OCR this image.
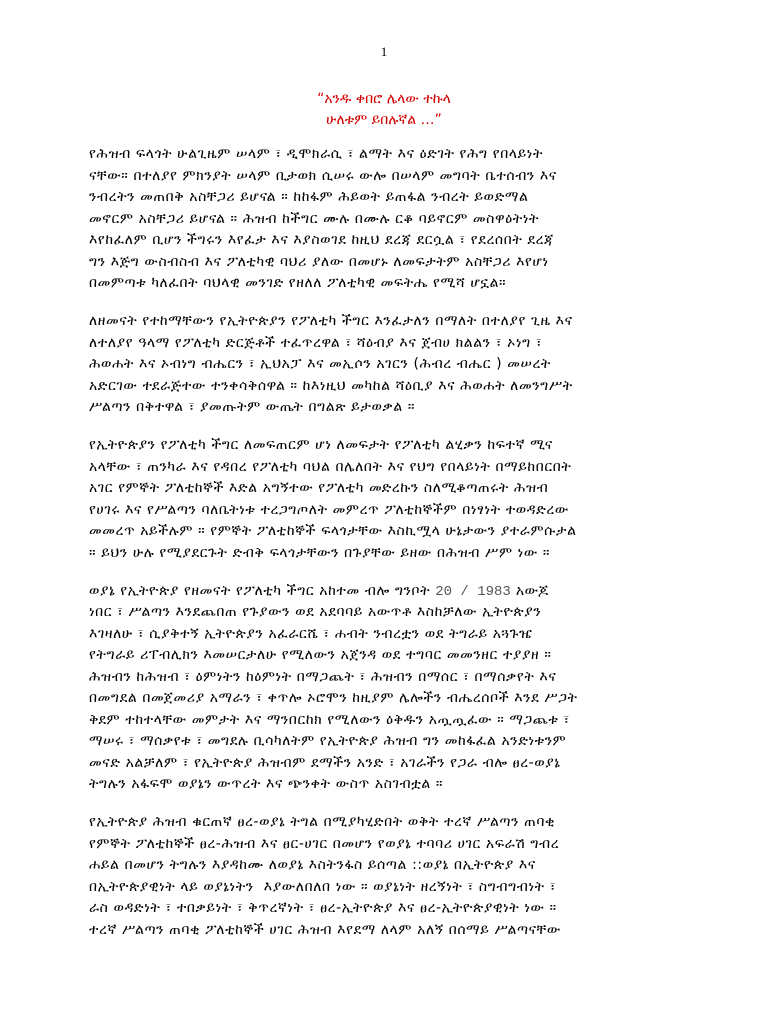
1
“አንዱ ቀበሮ ሌላው ተኩላ
ሁለቱም ይበሉኛል …”
የሕዝብ ፍላጎት ሁልጊዜም ሠላም ፣ ዲሞክራሲ ፣ ልማት እና ዕድገት የሕግ የበላይነት
ናቸው። በተለያየ ምክንያት ሠላም ቢታወክ ሲሠሩ ውሎ በሠላም መግባት ቤተሰብን እና
ንብረትን መጠበቅ አስቸጋሪ ይሆናል ። ከከፋም ሕይወት ይጠፋል ንብረት ይወድማል
መኖርም አስቸጋሪ ይሆናል ። ሕዝብ ከችግር ሙሉ በሙሉ ርቆ ባይኖርም መስዋዕትነት
እየከፈለም ቢሆን ችግሩን እየፈታ እና እያስወገደ ከዚህ ደረጃ ደርሷል ፣ የደረሰበት ደረጃ
ግን እጅግ ውስብስብ እና ፖለቲካዊ ባህሪ ያለው በመሆኑ ለመፍታትም አስቸጋሪ እየሆነ
በመምጣቱ ካለፈበት ባህላዊ መንገድ የዘለለ ፖለቲካዊ መፍትሔ የሚሻ ሆኗል።
ለዘመናት የተከማቸውን የኢትዮጵያን የፖለቲካ ችግር እንፈታለን በማለት በተለያየ ጊዜ እና
ለተለያየ ዓላማ የፖለቲካ ድርጅቶች ተፈጥረዋል ፣ ሻዕብያ እና ጀብሀ ክልልን ፣ ኦነግ ፣
ሕወሐት እና ኦብነግ ብሔርን ፣ ኢህአፓ እና መኢሶን አገርን (ሕብረ ብሔር ) መሠረት
አድርገው ተደራጅተው ተንቀሳቅሰዋል ። ከእነዚህ መካከል ሻዕቢያ እና ሕወሐት ለመንግሥት
ሥልጣን በቅተዋል ፣ ያመጡትም ውጤት በግልጽ ይታወቃል ።
የኢትዮጵያን የፖለቲካ ችግር ለመፍጠርም ሆነ ለመፍታት የፖለቲካ ልሂቃን ከፍተኛ ሚና
አላቸው ፣ ጠንካራ እና የዳበረ የፖለቲካ ባህል በሌለበት እና የህግ የበላይነት በማይከበርበት
አገር የምኞት ፖለቲከኞች እድል አግኝተው የፖለቲካ መድረኩን ስለሚቆጣጠሩት ሕዝብ
የሀገሩ እና የሥልጣን ባለቤትነቱ ተረጋግጦለት መምረጥ ፖለቲከኞችም በነፃነት ተወዳድረው
መመረጥ አይችሉም ። የምኞት ፖለቲከኞች ፍላጎታቸው እስኪሟላ ሁኔታውን ያተራምሱታል
። ይህን ሁሉ የሚያደርጉት ድብቅ ፍላጎታቸውን በጉያቸው ይዘው በሕዝብ ሥም ነው ።
ወያኔ የኢትዮጵያ የዘመናት የፖለቲካ ችግር አከተመ ብሎ ግንቦት 20 / 1983 አውጆ
ነበር ፣ ሥልጣን እንደጨበጠ የጉያውን ወደ አደባባይ አውጥቶ እስከቻለው ኢትዮጵያን
እገዛለሁ ፣ ሲያቅተኝ ኢትዮጵያን አፈራርሼ ፣ ሐብት ንብረቷን ወደ ትግራይ አጓጉዤ
የትግራይ ሪፐብሊክን እመሠርታለሁ የሚለውን አጀንዳ ወደ ተግባር መመንዘር ተያያዘ ።
ሕዝብን ከሕዝብ ፣ ዕምነትን ከዕምነት በማጋጨት ፣ ሕዝብን በማሰር ፣ በማሰቃየት እና
በመግደል በመጀመሪያ አማራን ፣ ቀጥሎ ኦሮሞን ከዚያም ሌሎችን ብሔረሰቦች እንደ ሥጋት
ቅደም ተከተላቸው መምታት እና ማንበርከክ የሚለውን ዕቅዱን አጧጧፈው ። ማጋጨቱ ፣
ማሠሩ ፣ ማሰቃየቱ ፣ መግደሉ ቢሳካለትም የኢትዮጵያ ሕዝብ ግን መከፋፈል አንድነቱንም
መናድ አልቻለም ፣ የኢትዮጵያ ሕዝብም ደማችን አንድ ፣ አገራችን የጋራ ብሎ ፀረ-ወያኔ
ትግሉን አፋፍሞ ወያኔን ውጥረት እና ጭንቀት ውስጥ አስገብቷል ።
የኢትዮጵያ ሕዝብ ቁርጠኛ ፀረ-ወያኔ ትግል በሚያካሂድበት ወቅት ተረኛ ሥልጣን ጠባቂ
የምኞት ፖለቲከኞች ፀረ-ሕዝብ እና ፀር-ሀገር በመሆን የወያኔ ተባባሪ ሀገር አፍራሽ ግብረ
ሐይል በመሆን ትግሉን እያዳከሙ ለወያኔ እስትንፋስ ይሰጣል ::ወያኔ በኢትዮጵያ እና
በኢትዮጵያዊነት ላይ ወያኔነትን  እያውለበለበ ነው ። ወያኔነት ዘረኝነት ፣ ስግብግብነት ፣
ራስ ወዳድነት ፣ ተበቃይነት ፣ ቅጥረኛነት ፣ ፀረ-ኢትዮጵያ እና ፀረ-ኢትዮጵያዊነት ነው ።
ተረኛ ሥልጣን ጠባቂ ፖለቲከኞች ሀገር ሕዝብ እየደማ ለላም አለኝ በሰማይ ሥልጣናቸው
